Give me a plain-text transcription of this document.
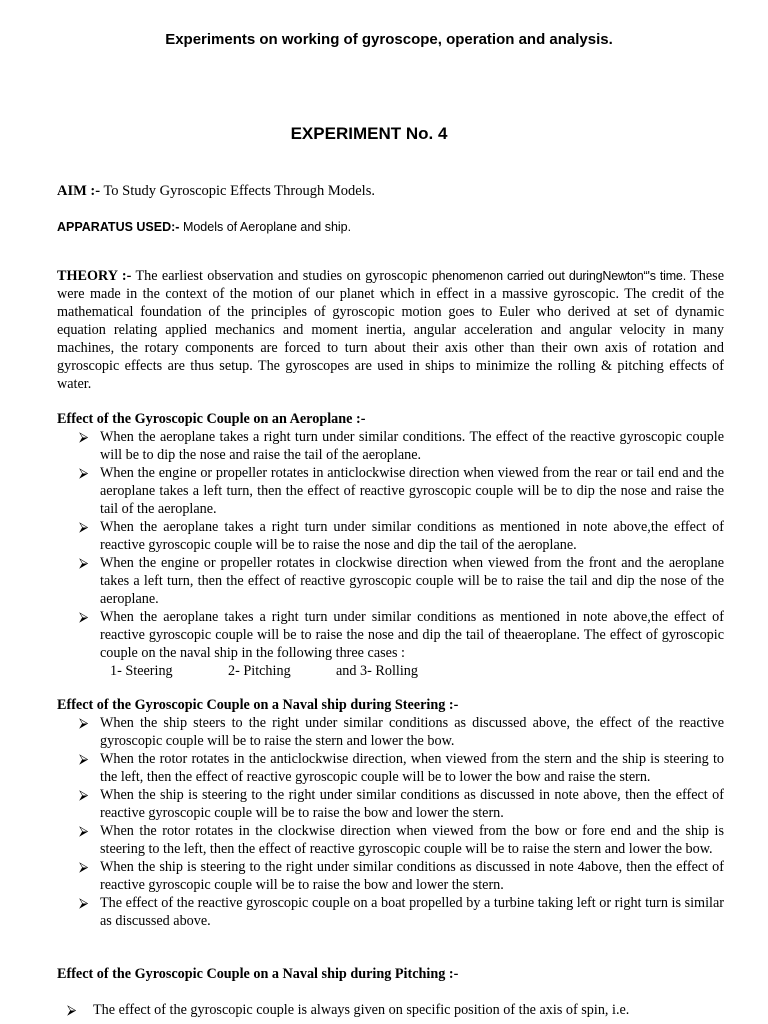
Experiments on working of gyroscope, operation and analysis.
EXPERIMENT No. 4
AIM :- To Study Gyroscopic Effects Through Models.
APPARATUS USED:- Models of Aeroplane and ship.
THEORY :- The earliest observation and studies on gyroscopic phenomenon carried out duringNewton“'s time. These were made in the context of the motion of our planet which in effect in a massive gyroscopic. The credit of the mathematical foundation of the principles of gyroscopic motion goes to Euler who derived at set of dynamic equation relating applied mechanics and moment inertia, angular acceleration and angular velocity in many machines, the rotary components are forced to turn about their axis other than their own axis of rotation and gyroscopic effects are thus setup. The gyroscopes are used in ships to minimize the rolling & pitching effects of water.
Effect of the Gyroscopic Couple on an Aeroplane :-
⮚ When the aeroplane takes a right turn under similar conditions. The effect of the reactive gyroscopic couple will be to dip the nose and raise the tail of the aeroplane.
⮚ When the engine or propeller rotates in anticlockwise direction when viewed from the rear or tail end and the aeroplane takes a left turn, then the effect of reactive gyroscopic couple will be to dip the nose and raise the tail of the aeroplane.
⮚ When the aeroplane takes a right turn under similar conditions as mentioned in note above,the effect of reactive gyroscopic couple will be to raise the nose and dip the tail of the aeroplane.
⮚ When the engine or propeller rotates in clockwise direction when viewed from the front and the aeroplane takes a left turn, then the effect of reactive gyroscopic couple will be to raise the tail and dip the nose of the aeroplane.
⮚ When the aeroplane takes a right turn under similar conditions as mentioned in note above,the effect of reactive gyroscopic couple will be to raise the nose and dip the tail of theaeroplane. The effect of gyroscopic couple on the naval ship in the following three cases :
1- Steering	2- Pitching	and 3- Rolling
Effect of the Gyroscopic Couple on a Naval ship during Steering :-
⮚ When the ship steers to the right under similar conditions as discussed above, the effect of the reactive gyroscopic couple will be to raise the stern and lower the bow.
⮚ When the rotor rotates in the anticlockwise direction, when viewed from the stern and the ship is steering to the left, then the effect of reactive gyroscopic couple will be to lower the bow and raise the stern.
⮚ When the ship is steering to the right under similar conditions as discussed in note above, then the effect of reactive gyroscopic couple will be to raise the bow and lower the stern.
⮚ When the rotor rotates in the clockwise direction when viewed from the bow or fore end and the ship is steering to the left, then the effect of reactive gyroscopic couple will be to raise the stern and lower the bow.
⮚ When the ship is steering to the right under similar conditions as discussed in note 4above, then the effect of reactive gyroscopic couple will be to raise the bow and lower the stern.
⮚ The effect of the reactive gyroscopic couple on a boat propelled by a turbine taking left or right turn is similar as discussed above.
Effect of the Gyroscopic Couple on a Naval ship during Pitching :-
⮚ The effect of the gyroscopic couple is always given on specific position of the axis of spin, i.e.
